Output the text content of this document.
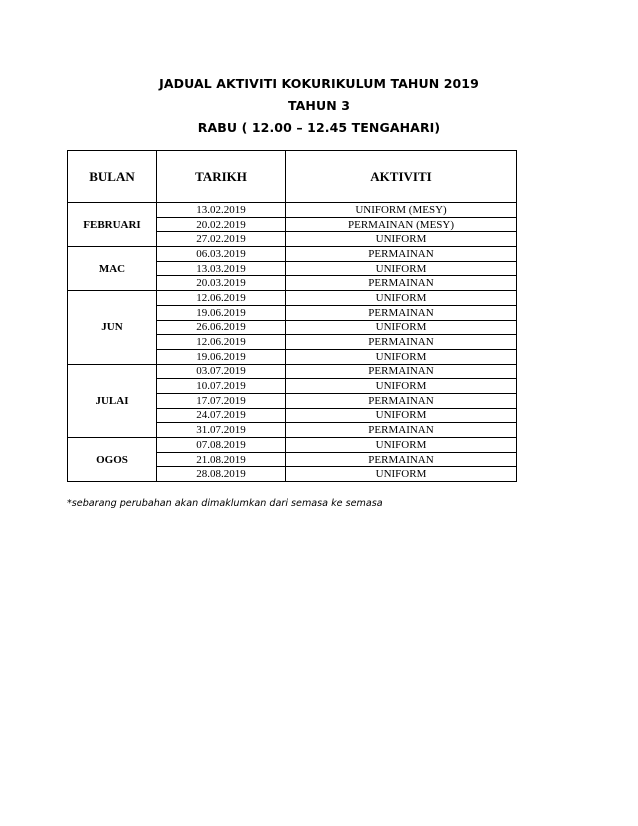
JADUAL AKTIVITI KOKURIKULUM TAHUN 2019
TAHUN 3
RABU ( 12.00 – 12.45 TENGAHARI)
BULAN	TARIKH	AKTIVITI
FEBRUARI	13.02.2019	UNIFORM (MESY)
	20.02.2019	PERMAINAN (MESY)
	27.02.2019	UNIFORM
MAC	06.03.2019	PERMAINAN
	13.03.2019	UNIFORM
	20.03.2019	PERMAINAN
JUN	12.06.2019	UNIFORM
	19.06.2019	PERMAINAN
	26.06.2019	UNIFORM
	12.06.2019	PERMAINAN
	19.06.2019	UNIFORM
JULAI	03.07.2019	PERMAINAN
	10.07.2019	UNIFORM
	17.07.2019	PERMAINAN
	24.07.2019	UNIFORM
	31.07.2019	PERMAINAN
OGOS	07.08.2019	UNIFORM
	21.08.2019	PERMAINAN
	28.08.2019	UNIFORM
*sebarang perubahan akan dimaklumkan dari semasa ke semasa
